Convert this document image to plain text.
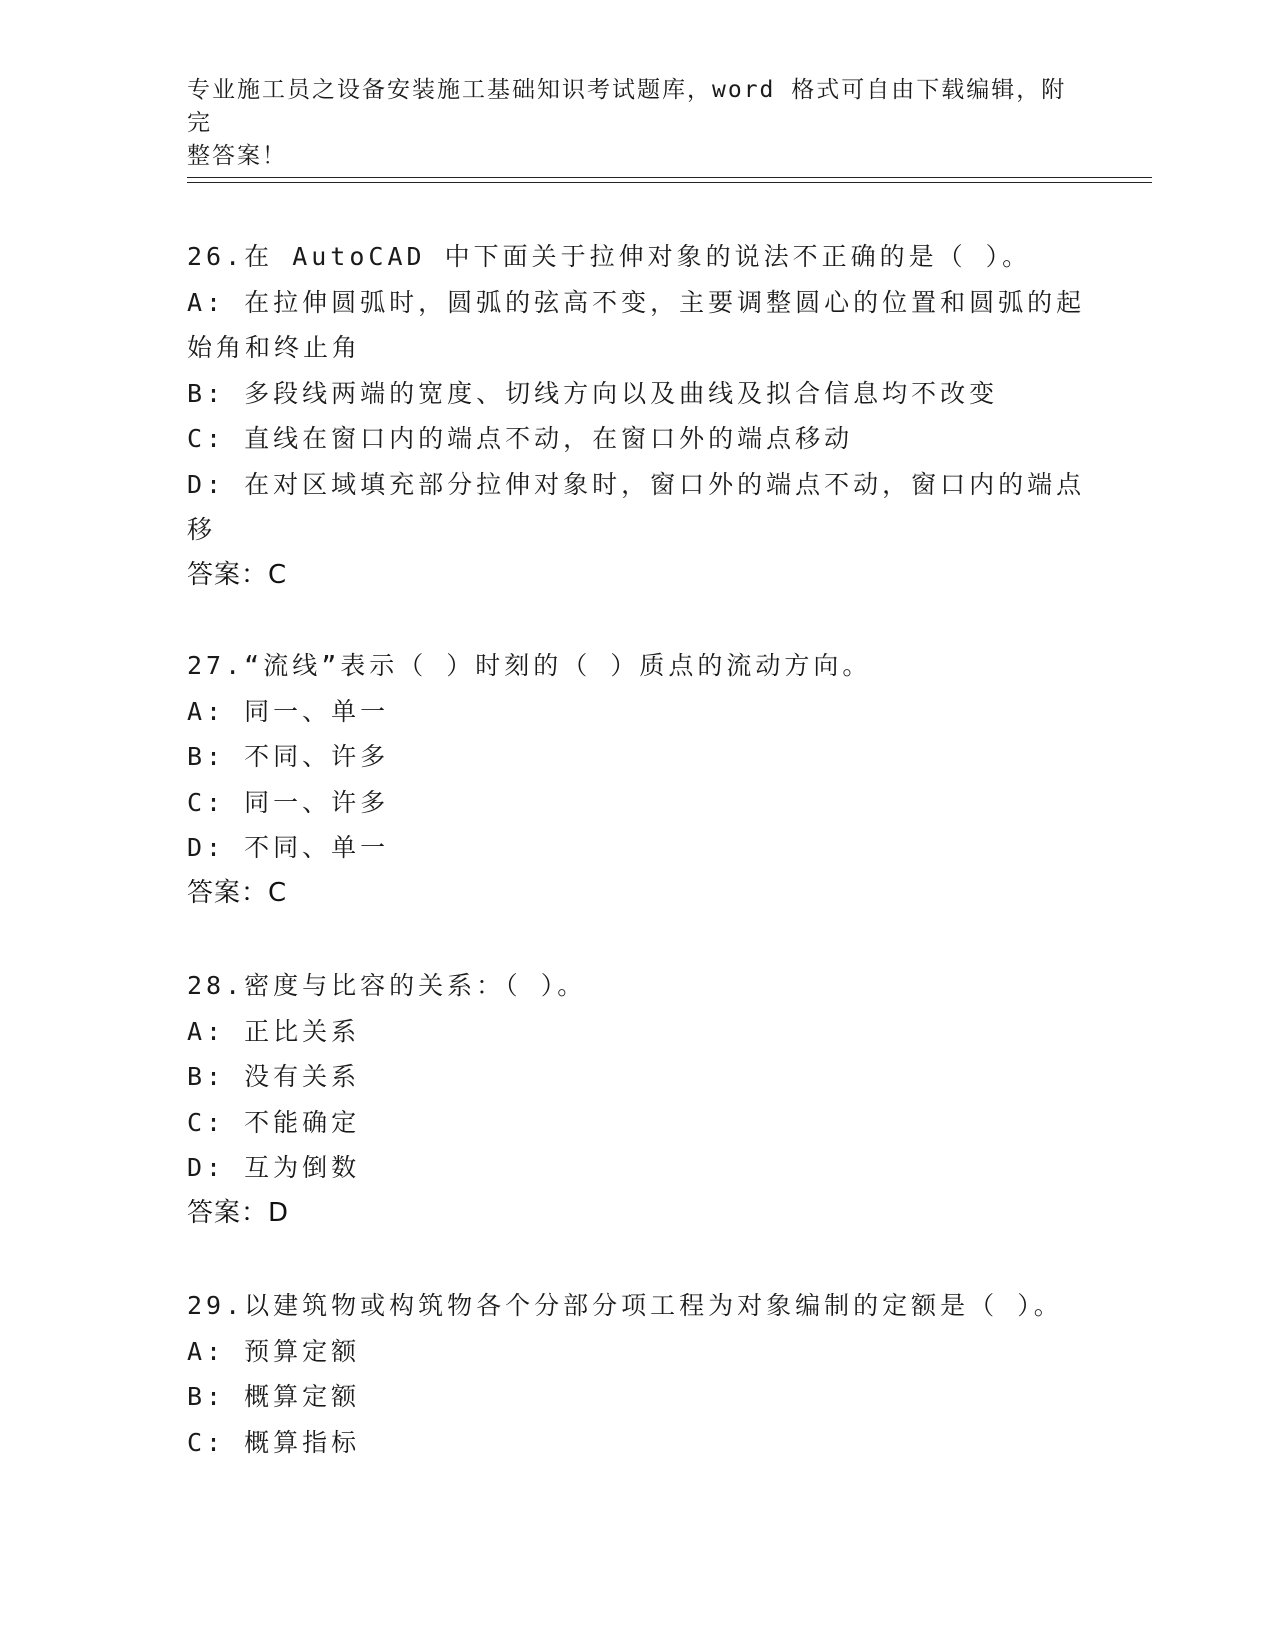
专业施工员之设备安装施工基础知识考试题库，word 格式可自由下载编辑，附完
整答案！
26.在 AutoCAD 中下面关于拉伸对象的说法不正确的是（ ）。
A: 在拉伸圆弧时，圆弧的弦高不变，主要调整圆心的位置和圆弧的起
始角和终止角
B: 多段线两端的宽度、切线方向以及曲线及拟合信息均不改变
C: 直线在窗口内的端点不动，在窗口外的端点移动
D: 在对区域填充部分拉伸对象时，窗口外的端点不动，窗口内的端点
移
答案：C
27.“流线”表示（ ）时刻的（ ）质点的流动方向。
A: 同一、单一
B: 不同、许多
C: 同一、许多
D: 不同、单一
答案：C
28.密度与比容的关系：（ ）。
A: 正比关系
B: 没有关系
C: 不能确定
D: 互为倒数
答案：D
29.以建筑物或构筑物各个分部分项工程为对象编制的定额是（ ）。
A: 预算定额
B: 概算定额
C: 概算指标
